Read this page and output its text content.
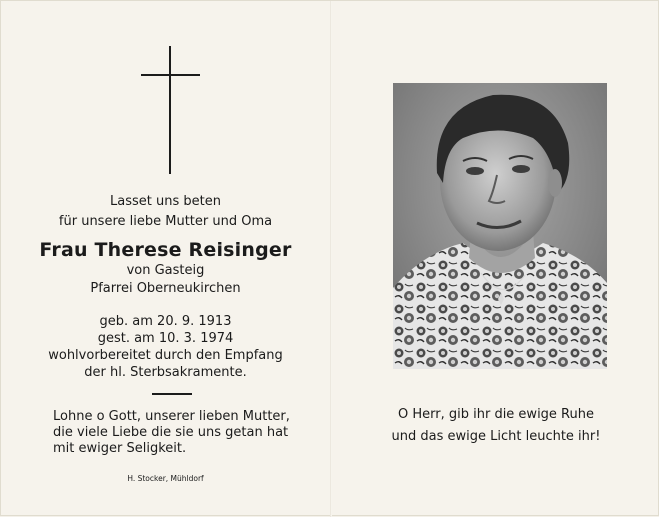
Lasset uns beten
für unsere liebe Mutter und Oma
Frau Therese Reisinger
von Gasteig
Pfarrei Oberneukirchen
geb. am 20. 9. 1913
gest. am 10. 3. 1974
wohlvorbereitet durch den Empfang
der hl. Sterbsakramente.
Lohne o Gott, unserer lieben Mutter,
die viele Liebe die sie uns getan hat
mit ewiger Seligkeit.
H. Stocker, Mühldorf
O Herr, gib ihr die ewige Ruhe
und das ewige Licht leuchte ihr!
